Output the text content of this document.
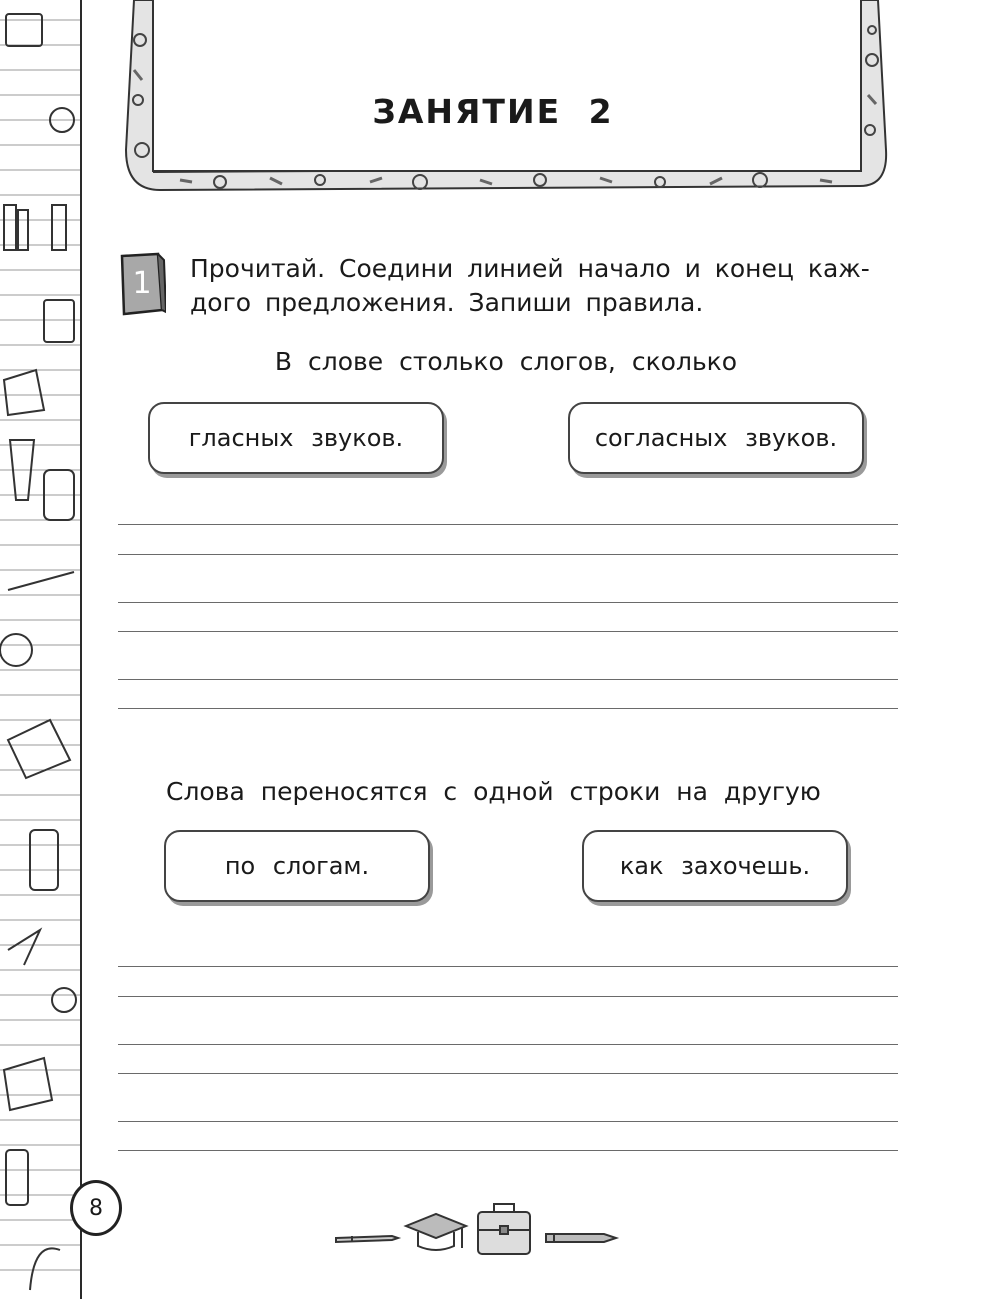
ЗАНЯТИЕ 2
1	Прочитай. Соедини линией начало и конец каж-
дого предложения. Запиши правила.
В слове столько слогов, сколько
гласных звуков.	согласных звуков.
Слова переносятся с одной строки на другую
по слогам.	как захочешь.
8
